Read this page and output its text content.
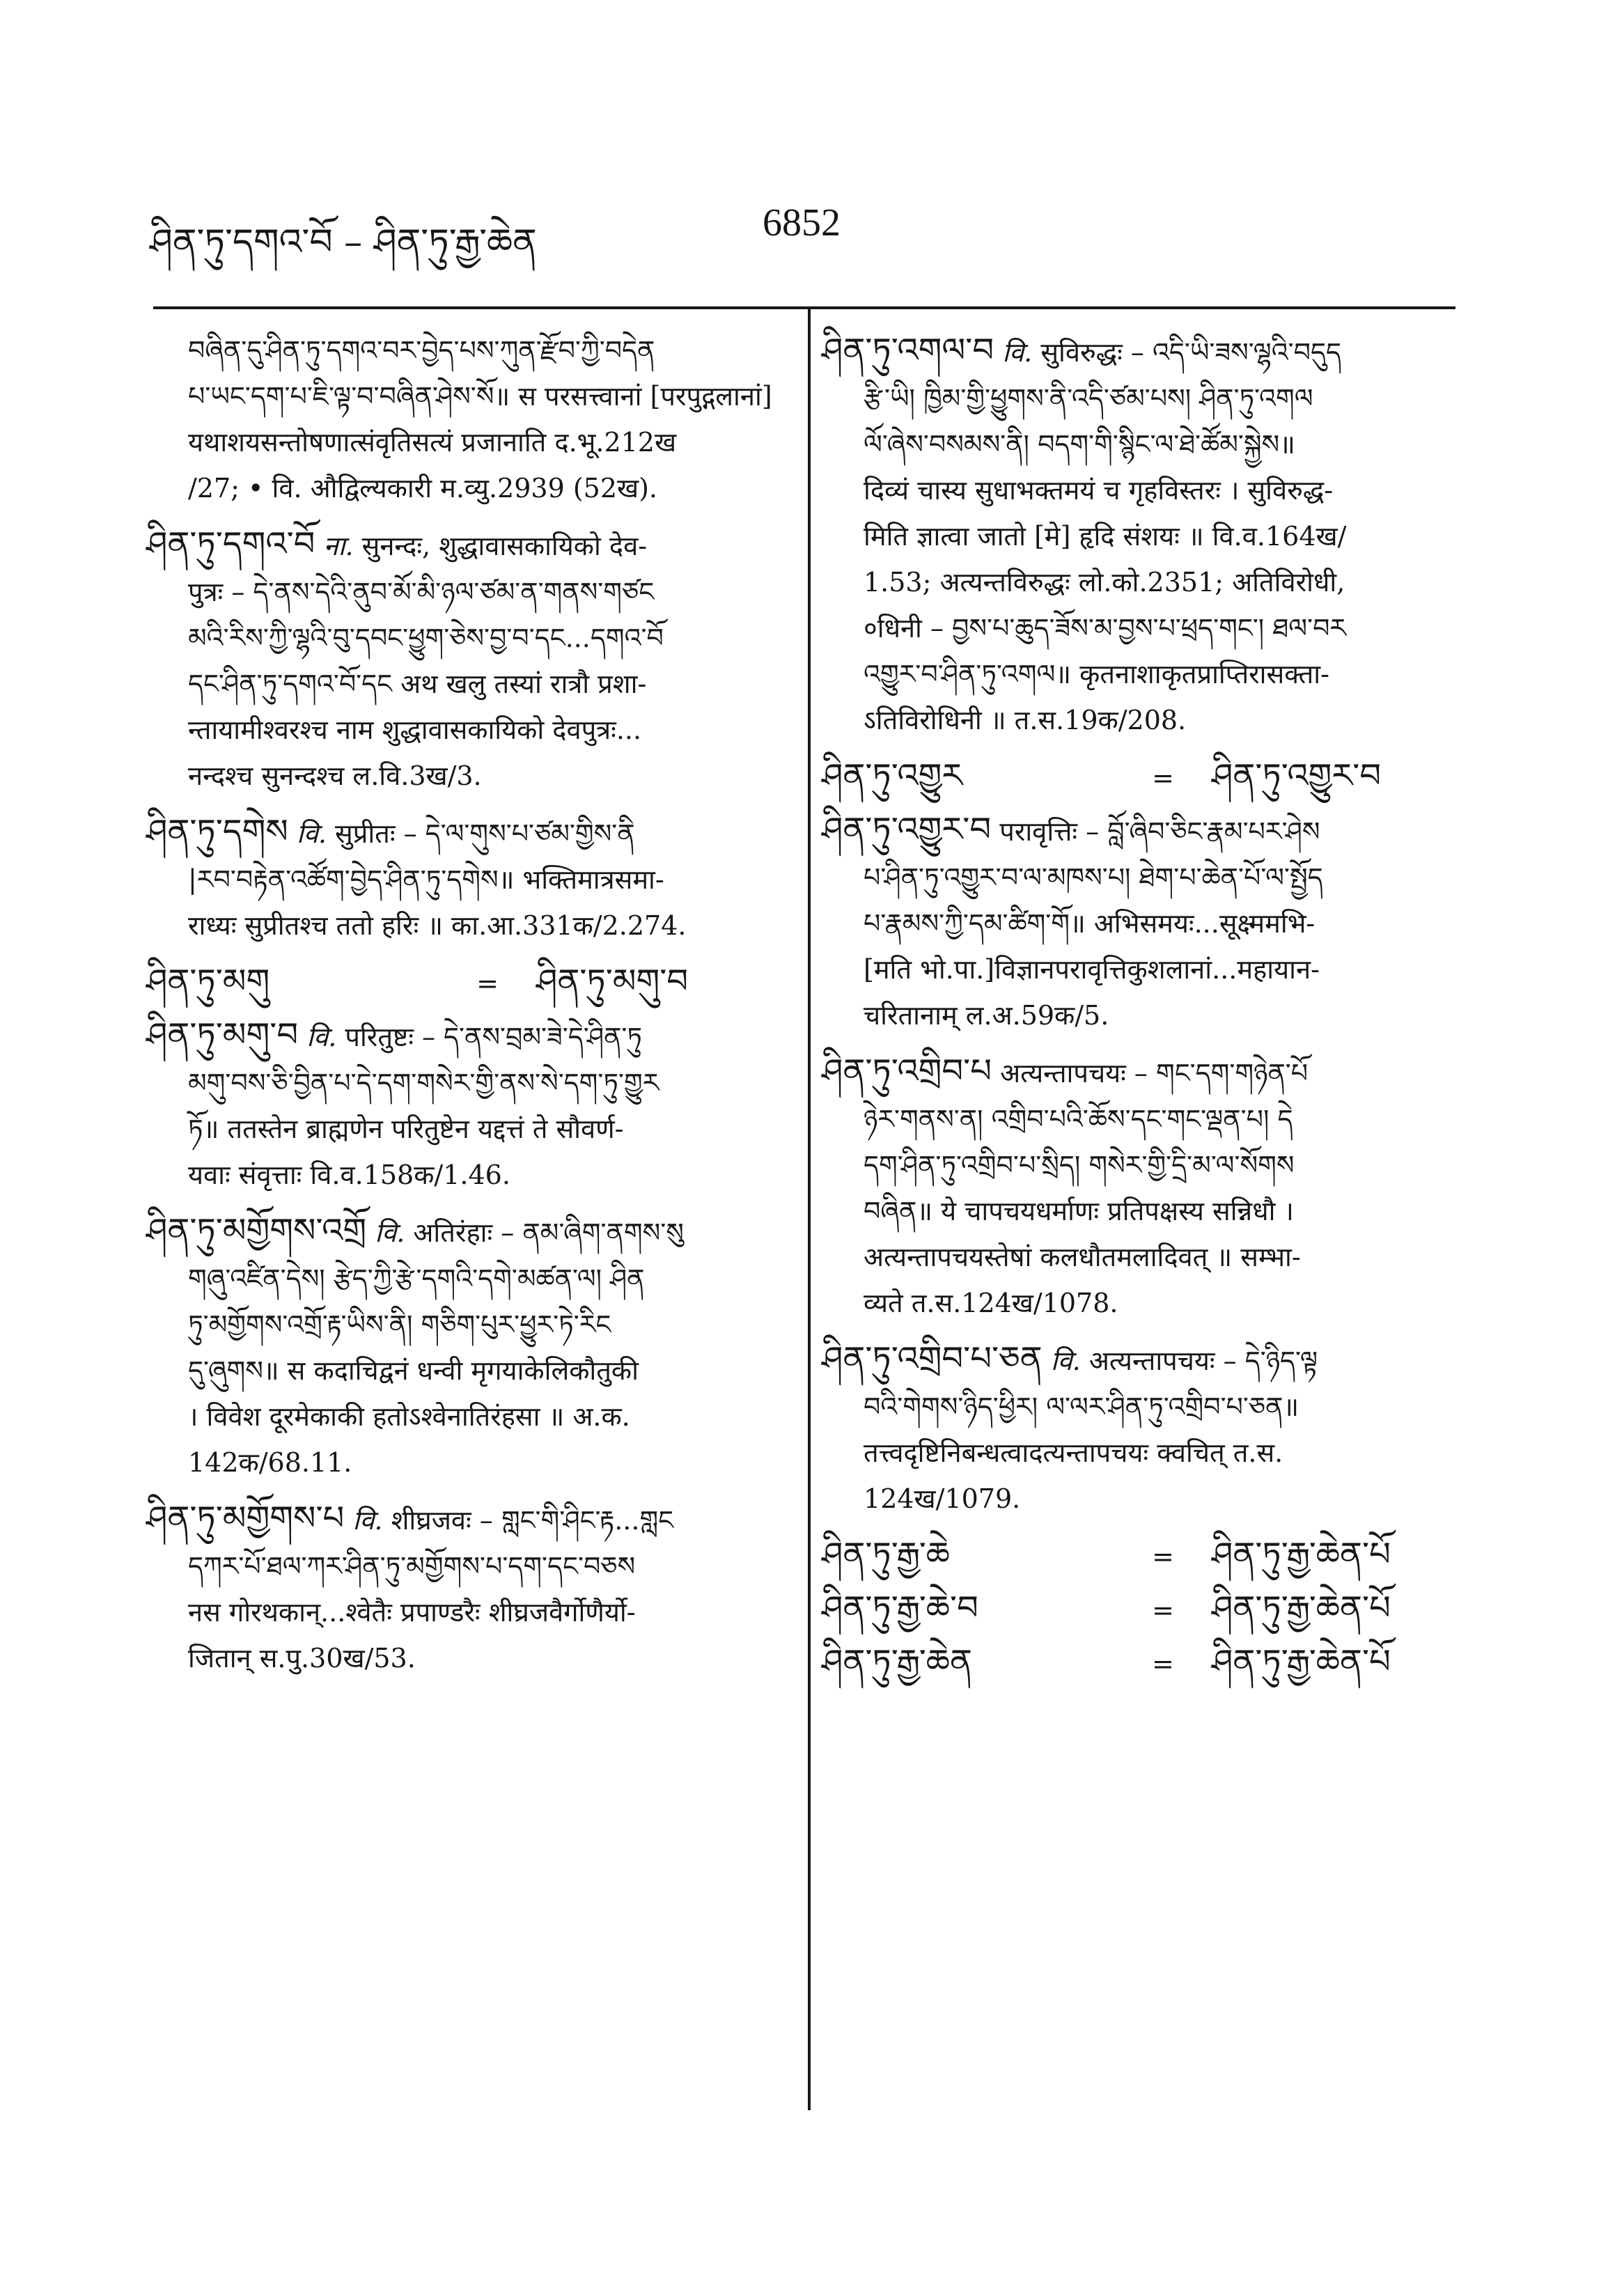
ཤིན་ཏུ་དགའ་བོ – ཤིན་ཏུ་རྒྱ་ཆེན	6852

བཞིན་དུ་ཤིན་ཏུ་དགའ་བར་བྱེད་པས་ཀུན་རྫོབ་ཀྱི་བདེན

པ་ཡང་དག་པ་ཇི་ལྟ་བ་བཞིན་ཤེས་སོ॥ स परसत्त्वानां [परपुद्गलानां]

यथाशयसन्तोषणात्संवृतिसत्यं प्रजानाति द.भू.212ख

/27; • वि. औद्विल्यकारी म.व्यु.2939 (52ख).

ཤིན་ཏུ་དགའ་བོ ना. सुनन्दः, शुद्धावासकायिको देव-

पुत्रः – དེ་ནས་དེའི་ནུབ་མོ་མི་ཉལ་ཙམ་ན་གནས་གཙང

མའི་རིས་ཀྱི་ལྷའི་བུ་དབང་ཕྱུག་ཅེས་བྱ་བ་དང...དགའ་བོ

དང་ཤིན་ཏུ་དགའ་བོ་དང अथ खलु तस्यां रात्रौ प्रशा-

न्तायामीश्वरश्च नाम शुद्धावासकायिको देवपुत्रः...

नन्दश्च सुनन्दश्च ल.वि.3ख/3.

ཤིན་ཏུ་དགེས वि. सुप्रीतः – དེ་ལ་གུས་པ་ཙམ་གྱིས་ནི

|རབ་བརྟེན་འཚོག་བྱེད་ཤིན་ཏུ་དགེས॥ भक्तिमात्रसमा-

राध्यः सुप्रीतश्च ततो हरिः ॥ का.आ.331क/2.274.

ཤིན་ཏུ་མགུ	=	ཤིན་ཏུ་མགུ་བ

ཤིན་ཏུ་མགུ་བ वि. परितुष्टः – དེ་ནས་བྲམ་ཟེ་དེ་ཤིན་ཏུ

མགུ་བས་ཅི་བྱིན་པ་དེ་དག་གསེར་གྱི་ནས་སེ་དག་ཏུ་གྱུར

ཏོ॥ ततस्तेन ब्राह्मणेन परितुष्टेन यद्दत्तं ते सौवर्ण-

यवाः संवृत्ताः वि.व.158क/1.46.

ཤིན་ཏུ་མགྱོགས་འགྲོ वि. अतिरंहाः – ནམ་ཞིག་ནགས་སུ

གཞུ་འཛིན་དེས། རྩེད་ཀྱི་རྩེ་དགའི་དགེ་མཚན་ལ། ཤིན

ཏུ་མགྱོགས་འགྲོ་རྟ་ཡིས་ནི། གཅིག་པུར་ཕྱུར་ཏེ་རིང

དུ་ཞུགས॥ स कदाचिद्वनं धन्वी मृगयाकेलिकौतुकी

। विवेश दूरमेकाकी हतोऽश्वेनातिरंहसा ॥ अ.क.

142क/68.11.

ཤིན་ཏུ་མགྱོགས་པ वि. शीघ्रजवः – གླང་གི་ཤིང་རྟ...གླང

དཀར་པོ་ཐལ་ཀར་ཤིན་ཏུ་མགྱོགས་པ་དག་དང་བཅས

नस गोरथकान्...श्वेतैः प्रपाण्डरैः शीघ्रजवैर्गोणैर्यो-

जितान् स.पु.30ख/53.

ཤིན་ཏུ་འགལ་བ वि. सुविरुद्धः – འདི་ཡི་ཟས་ལྷའི་བདུད

རྩི་ཡི། ཁྱིམ་གྱི་ཕྱུགས་ནི་འདི་ཙམ་པས། ཤིན་ཏུ་འགལ

ལོ་ཞེས་བསམས་ནི། བདག་གི་སྙིང་ལ་ཐེ་ཚོམ་སྐྱེས॥

दिव्यं चास्य सुधाभक्तमयं च गृहविस्तरः । सुविरुद्ध-

मिति ज्ञात्वा जातो [मे] हृदि संशयः ॥ वि.व.164ख/

1.53; अत्यन्तविरुद्धः लो.को.2351; अतिविरोधी,

०धिनी – བྱས་པ་ཆུད་ཟོས་མ་བྱས་པ་ཕྲད་གང་། ཐལ་བར

འགྱུར་བ་ཤིན་ཏུ་འགལ॥ कृतनाशाकृतप्राप्तिरासक्ता-

ऽतिविरोधिनी ॥ त.स.19क/208.

ཤིན་ཏུ་འགྱུར	=	ཤིན་ཏུ་འགྱུར་བ

ཤིན་ཏུ་འགྱུར་བ परावृत्तिः – བློ་ཞིབ་ཅིང་རྣམ་པར་ཤེས

པ་ཤིན་ཏུ་འགྱུར་བ་ལ་མཁས་པ། ཐེག་པ་ཆེན་པོ་ལ་སྤྱོད

པ་རྣམས་ཀྱི་དམ་ཚིག་གོ॥ अभिसमयः...सूक्ष्ममभि-

[मति भो.पा.]विज्ञानपरावृत्तिकुशलानां...महायान-

चरितानाम् ल.अ.59क/5.

ཤིན་ཏུ་འགྲིབ་པ अत्यन्तापचयः – གང་དག་གཉེན་པོ

ཉེར་གནས་ན། འགྲིབ་པའི་ཆོས་དང་གང་ལྡན་པ། དེ

དག་ཤིན་ཏུ་འགྲིབ་པ་སྲིད། གསེར་གྱི་དྲི་མ་ལ་སོགས

བཞིན॥ ये चापचयधर्माणः प्रतिपक्षस्य सन्निधौ ।

अत्यन्तापचयस्तेषां कलधौतमलादिवत् ॥ सम्भा-

व्यते त.स.124ख/1078.

ཤིན་ཏུ་འགྲིབ་པ་ཅན वि. अत्यन्तापचयः – དེ་ཉིད་ལྟ

བའི་གེགས་ཉིད་ཕྱིར། ལ་ལར་ཤིན་ཏུ་འགྲིབ་པ་ཅན॥

तत्त्वदृष्टिनिबन्धत्वादत्यन्तापचयः क्वचित् त.स.

124ख/1079.

ཤིན་ཏུ་རྒྱ་ཆེ	=	ཤིན་ཏུ་རྒྱ་ཆེན་པོ
ཤིན་ཏུ་རྒྱ་ཆེ་བ	=	ཤིན་ཏུ་རྒྱ་ཆེན་པོ
ཤིན་ཏུ་རྒྱ་ཆེན	=	ཤིན་ཏུ་རྒྱ་ཆེན་པོ
